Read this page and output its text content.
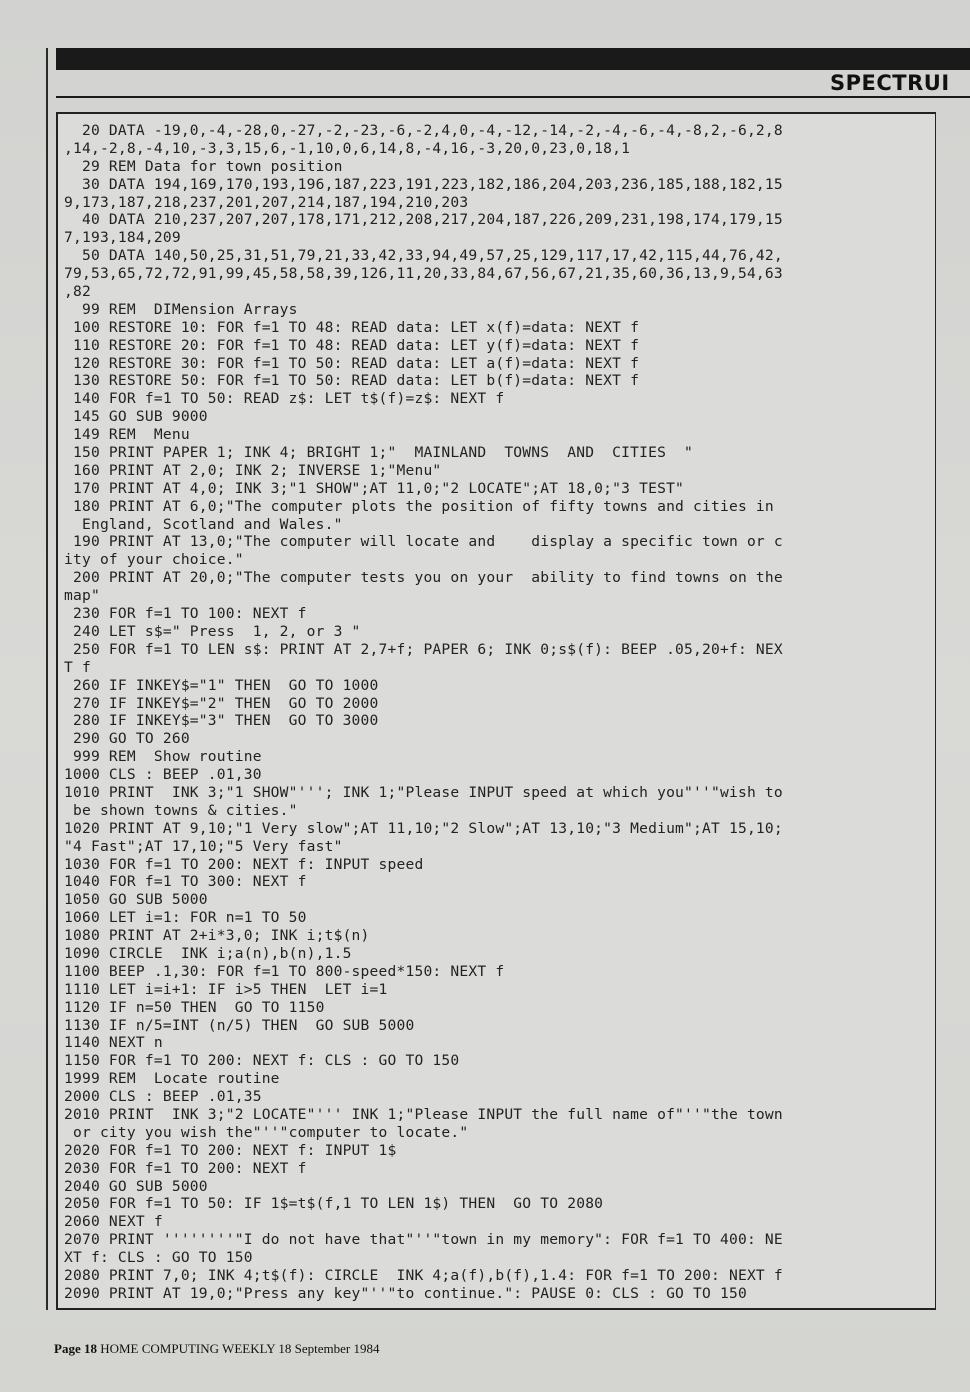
SPECTRUI
20 DATA -19,0,-4,-28,0,-27,-2,-23,-6,-2,4,0,-4,-12,-14,-2,-4,-6,-4,-8,2,-6,2,8
,14,-2,8,-4,10,-3,3,15,6,-1,10,0,6,14,8,-4,16,-3,20,0,23,0,18,1
29 REM Data for town position
30 DATA 194,169,170,193,196,187,223,191,223,182,186,204,203,236,185,188,182,15
9,173,187,218,237,201,207,214,187,194,210,203
40 DATA 210,237,207,207,178,171,212,208,217,204,187,226,209,231,198,174,179,15
7,193,184,209
50 DATA 140,50,25,31,51,79,21,33,42,33,94,49,57,25,129,117,17,42,115,44,76,42,
79,53,65,72,72,91,99,45,58,58,39,126,11,20,33,84,67,56,67,21,35,60,36,13,9,54,63
,82
99 REM  DIMension Arrays
100 RESTORE 10: FOR f=1 TO 48: READ data: LET x(f)=data: NEXT f
110 RESTORE 20: FOR f=1 TO 48: READ data: LET y(f)=data: NEXT f
120 RESTORE 30: FOR f=1 TO 50: READ data: LET a(f)=data: NEXT f
130 RESTORE 50: FOR f=1 TO 50: READ data: LET b(f)=data: NEXT f
140 FOR f=1 TO 50: READ z$: LET t$(f)=z$: NEXT f
145 GO SUB 9000
149 REM  Menu
150 PRINT PAPER 1; INK 4; BRIGHT 1;"  MAINLAND  TOWNS  AND  CITIES  "
160 PRINT AT 2,0; INK 2; INVERSE 1;"Menu"
170 PRINT AT 4,0; INK 3;"1 SHOW";AT 11,0;"2 LOCATE";AT 18,0;"3 TEST"
180 PRINT AT 6,0;"The computer plots the position of fifty towns and cities in
England, Scotland and Wales."
190 PRINT AT 13,0;"The computer will locate and    display a specific town or c
ity of your choice."
200 PRINT AT 20,0;"The computer tests you on your  ability to find towns on the
map"
230 FOR f=1 TO 100: NEXT f
240 LET s$=" Press  1, 2, or 3 "
250 FOR f=1 TO LEN s$: PRINT AT 2,7+f; PAPER 6; INK 0;s$(f): BEEP .05,20+f: NEX
T f
260 IF INKEY$="1" THEN  GO TO 1000
270 IF INKEY$="2" THEN  GO TO 2000
280 IF INKEY$="3" THEN  GO TO 3000
290 GO TO 260
999 REM  Show routine
1000 CLS : BEEP .01,30
1010 PRINT  INK 3;"1 SHOW"'''; INK 1;"Please INPUT speed at which you"''"wish to
be shown towns & cities."
1020 PRINT AT 9,10;"1 Very slow";AT 11,10;"2 Slow";AT 13,10;"3 Medium";AT 15,10;
"4 Fast";AT 17,10;"5 Very fast"
1030 FOR f=1 TO 200: NEXT f: INPUT speed
1040 FOR f=1 TO 300: NEXT f
1050 GO SUB 5000
1060 LET i=1: FOR n=1 TO 50
1080 PRINT AT 2+i*3,0; INK i;t$(n)
1090 CIRCLE  INK i;a(n),b(n),1.5
1100 BEEP .1,30: FOR f=1 TO 800-speed*150: NEXT f
1110 LET i=i+1: IF i>5 THEN  LET i=1
1120 IF n=50 THEN  GO TO 1150
1130 IF n/5=INT (n/5) THEN  GO SUB 5000
1140 NEXT n
1150 FOR f=1 TO 200: NEXT f: CLS : GO TO 150
1999 REM  Locate routine
2000 CLS : BEEP .01,35
2010 PRINT  INK 3;"2 LOCATE"''' INK 1;"Please INPUT the full name of"''"the town
or city you wish the"''"computer to locate."
2020 FOR f=1 TO 200: NEXT f: INPUT 1$
2030 FOR f=1 TO 200: NEXT f
2040 GO SUB 5000
2050 FOR f=1 TO 50: IF 1$=t$(f,1 TO LEN 1$) THEN  GO TO 2080
2060 NEXT f
2070 PRINT ''''''''"I do not have that"''"town in my memory": FOR f=1 TO 400: NE
XT f: CLS : GO TO 150
2080 PRINT 7,0; INK 4;t$(f): CIRCLE  INK 4;a(f),b(f),1.4: FOR f=1 TO 200: NEXT f
2090 PRINT AT 19,0;"Press any key"''"to continue.": PAUSE 0: CLS : GO TO 150
Page 18 HOME COMPUTING WEEKLY 18 September 1984
